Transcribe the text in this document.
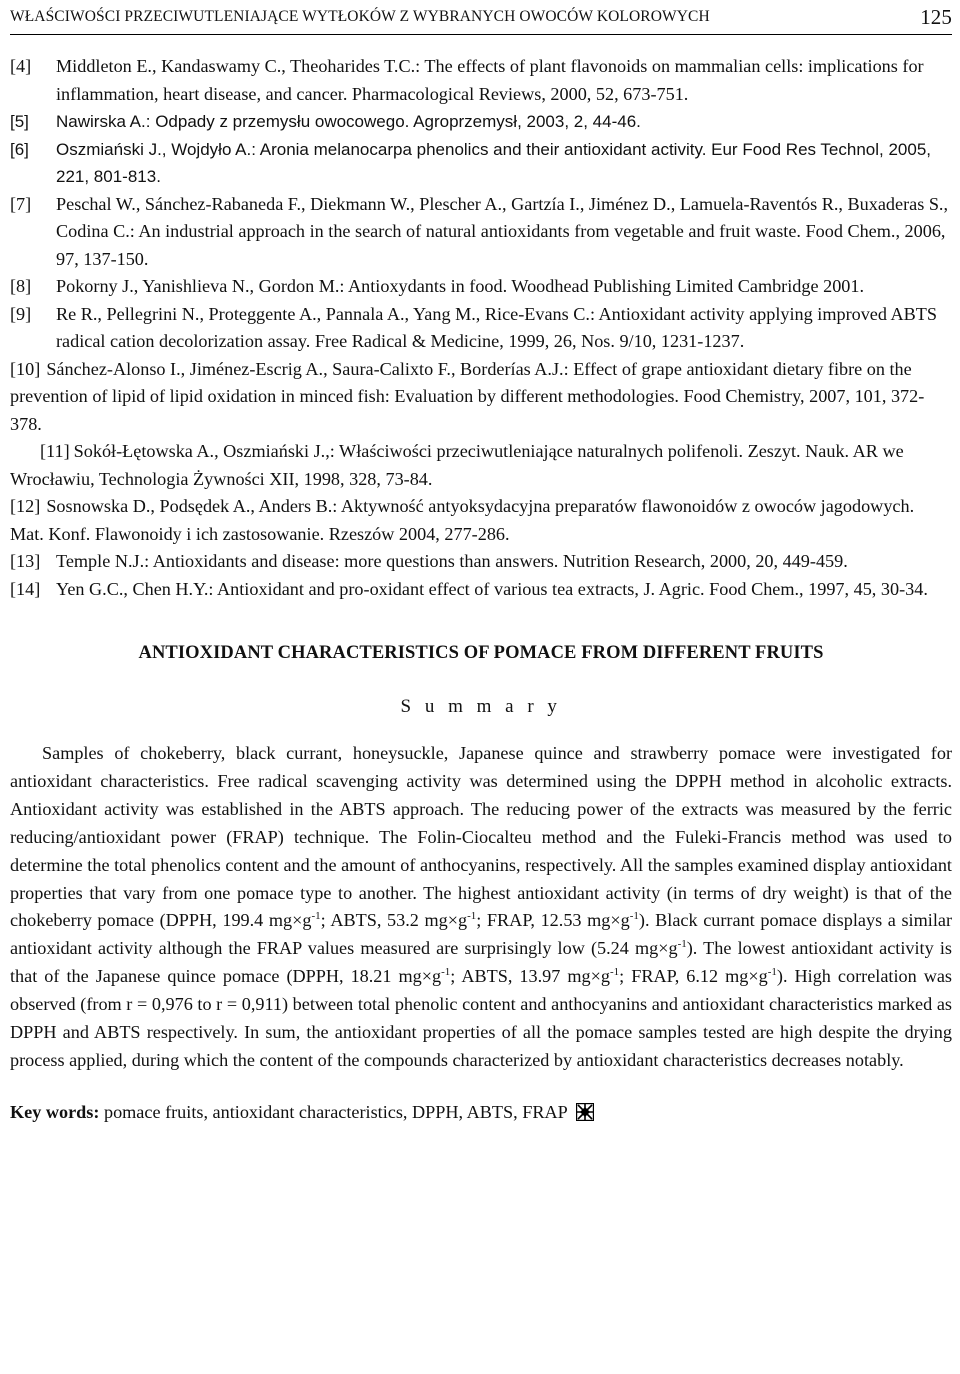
WŁAŚCIWOŚCI PRZECIWUTLENIAJĄCE WYTŁOKÓW Z WYBRANYCH OWOCÓW KOLOROWYCH	125

[4] Middleton E., Kandaswamy C., Theoharides T.C.: The effects of plant flavonoids on mammalian cells: implications for inflammation, heart disease, and cancer. Pharmacological Reviews, 2000, 52, 673-751.

[5] Nawirska A.: Odpady z przemysłu owocowego. Agroprzemysł, 2003, 2, 44-46.

[6] Oszmiański J., Wojdyło A.: Aronia melanocarpa phenolics and their antioxidant activity. Eur Food Res Technol, 2005, 221, 801-813.

[7] Peschal W., Sánchez-Rabaneda F., Diekmann W., Plescher A., Gartzía I., Jiménez D., Lamuela-Raventós R., Buxaderas S., Codina C.: An industrial approach in the search of natural antioxidants from vegetable and fruit waste. Food Chem., 2006, 97, 137-150.

[8] Pokorny J., Yanishlieva N., Gordon M.: Antioxydants in food. Woodhead Publishing Limited Cambridge 2001.

[9] Re R., Pellegrini N., Proteggente A., Pannala A., Yang M., Rice-Evans C.: Antioxidant activity applying improved ABTS radical cation decolorization assay. Free Radical & Medicine, 1999, 26, Nos. 9/10, 1231-1237.

[10] Sánchez-Alonso I., Jiménez-Escrig A., Saura-Calixto F., Borderías A.J.: Effect of grape antioxidant dietary fibre on the prevention of lipid of lipid oxidation in minced fish: Evaluation by different methodologies. Food Chemistry, 2007, 101, 372-378.

[11] Sokół-Łętowska A., Oszmiański J.,: Właściwości przeciwutleniające naturalnych polifenoli. Zeszyt. Nauk. AR we Wrocławiu, Technologia Żywności XII, 1998, 328, 73-84.

[12] Sosnowska D., Podsędek A., Anders B.: Aktywność antyoksydacyjna preparatów flawonoidów z owoców jagodowych. Mat. Konf. Flawonoidy i ich zastosowanie. Rzeszów 2004, 277-286.

[13] Temple N.J.: Antioxidants and disease: more questions than answers. Nutrition Research, 2000, 20, 449-459.

[14] Yen G.C., Chen H.Y.: Antioxidant and pro-oxidant effect of various tea extracts, J. Agric. Food Chem., 1997, 45, 30-34.

ANTIOXIDANT CHARACTERISTICS OF POMACE FROM DIFFERENT FRUITS
S u m m a r y

Samples of chokeberry, black currant, honeysuckle, Japanese quince and strawberry pomace were investigated for antioxidant characteristics. Free radical scavenging activity was determined using the DPPH method in alcoholic extracts. Antioxidant activity was established in the ABTS approach. The reducing power of the extracts was measured by the ferric reducing/antioxidant power (FRAP) technique. The Folin-Ciocalteu method and the Fuleki-Francis method was used to determine the total phenolics content and the amount of anthocyanins, respectively. All the samples examined display antioxidant properties that vary from one pomace type to another. The highest antioxidant activity (in terms of dry weight) is that of the chokeberry pomace (DPPH, 199.4 $mg\times g^{-1}$; ABTS, 53.2 $mg\times g^{-1}$; FRAP, 12.53 $mg\times g^{-1}$). Black currant pomace displays a similar antioxidant activity although the FRAP values measured are surprisingly low (5.24 $mg\times g^{-1}$). The lowest antioxidant activity is that of the Japanese quince pomace (DPPH, 18.21 $mg\times g^{-1}$; ABTS, 13.97 $mg\times g^{-1}$; FRAP, 6.12 $mg\times g^{-1}$). High correlation was observed (from r = 0,976 to r = 0,911) between total phenolic content and anthocyanins and antioxidant characteristics marked as DPPH and ABTS respectively. In sum, the antioxidant properties of all the pomace samples tested are high despite the drying process applied, during which the content of the compounds characterized by antioxidant characteristics decreases notably.

Key words: pomace fruits, antioxidant characteristics, DPPH, ABTS, FRAP
